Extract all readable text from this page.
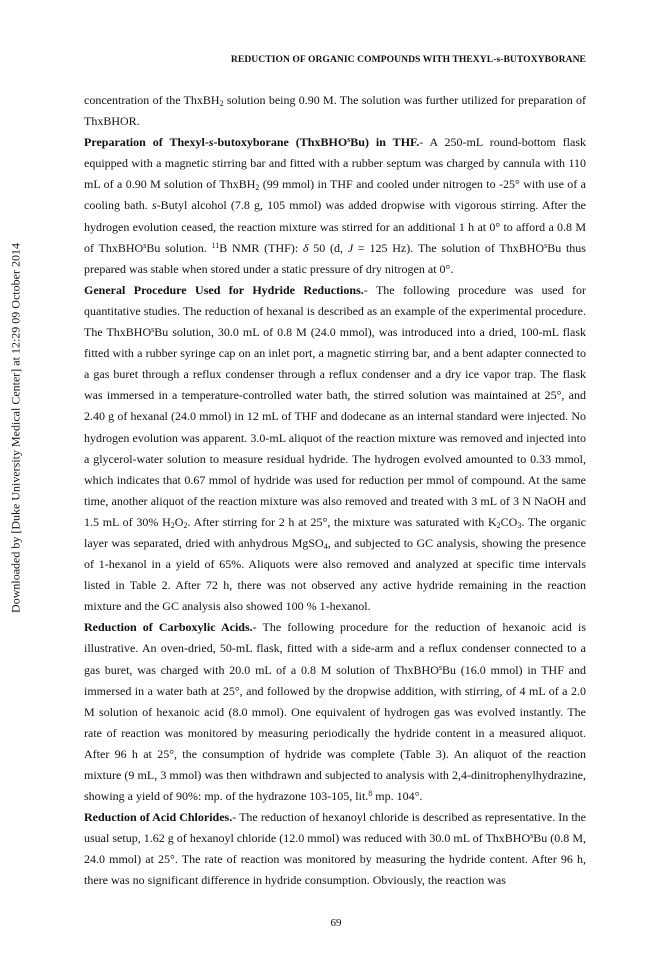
REDUCTION OF ORGANIC COMPOUNDS WITH THEXYL-s-BUTOXYBORANE
Downloaded by [Duke University Medical Center] at 12:29 09 October 2014

concentration of the ThxBH$_2$ solution being 0.90 M. The solution was further utilized for preparation of ThxBHOR.

Preparation of Thexyl-s-butoxyborane (ThxBHO$^s$Bu) in THF.- A 250-mL round-bottom flask equipped with a magnetic stirring bar and fitted with a rubber septum was charged by cannula with 110 mL of a 0.90 M solution of ThxBH$_2$ (99 mmol) in THF and cooled under nitrogen to -25° with use of a cooling bath. s-Butyl alcohol (7.8 g, 105 mmol) was added dropwise with vigorous stirring. After the hydrogen evolution ceased, the reaction mixture was stirred for an additional 1 h at 0° to afford a 0.8 M of ThxBHO$^s$Bu solution. $^{11}$B NMR (THF): δ 50 (d, J = 125 Hz). The solution of ThxBHO$^s$Bu thus prepared was stable when stored under a static pressure of dry nitrogen at 0°.

General Procedure Used for Hydride Reductions.- The following procedure was used for quantitative studies. The reduction of hexanal is described as an example of the experimental procedure. The ThxBHO$^s$Bu solution, 30.0 mL of 0.8 M (24.0 mmol), was introduced into a dried, 100-mL flask fitted with a rubber syringe cap on an inlet port, a magnetic stirring bar, and a bent adapter connected to a gas buret through a reflux condenser through a reflux condenser and a dry ice vapor trap. The flask was immersed in a temperature-controlled water bath, the stirred solution was maintained at 25°, and 2.40 g of hexanal (24.0 mmol) in 12 mL of THF and dodecane as an internal standard were injected. No hydrogen evolution was apparent. 3.0-mL aliquot of the reaction mixture was removed and injected into a glycerol-water solution to measure residual hydride. The hydrogen evolved amounted to 0.33 mmol, which indicates that 0.67 mmol of hydride was used for reduction per mmol of compound. At the same time, another aliquot of the reaction mixture was also removed and treated with 3 mL of 3 N NaOH and 1.5 mL of 30% $H_2O_2$. After stirring for 2 h at 25°, the mixture was saturated with $K_2CO_3$. The organic layer was separated, dried with anhydrous MgSO$_4$, and subjected to GC analysis, showing the presence of 1-hexanol in a yield of 65%. Aliquots were also removed and analyzed at specific time intervals listed in Table 2. After 72 h, there was not observed any active hydride remaining in the reaction mixture and the GC analysis also showed 100 % 1-hexanol.

Reduction of Carboxylic Acids.- The following procedure for the reduction of hexanoic acid is illustrative. An oven-dried, 50-mL flask, fitted with a side-arm and a reflux condenser connected to a gas buret, was charged with 20.0 mL of a 0.8 M solution of ThxBHO$^s$Bu (16.0 mmol) in THF and immersed in a water bath at 25°, and followed by the dropwise addition, with stirring, of 4 mL of a 2.0 M solution of hexanoic acid (8.0 mmol). One equivalent of hydrogen gas was evolved instantly. The rate of reaction was monitored by measuring periodically the hydride content in a measured aliquot. After 96 h at 25°, the consumption of hydride was complete (Table 3). An aliquot of the reaction mixture (9 mL, 3 mmol) was then withdrawn and subjected to analysis with 2,4-dinitrophenylhydrazine, showing a yield of 90%: mp. of the hydrazone 103-105, lit.$^8$ mp. 104°.

Reduction of Acid Chlorides.- The reduction of hexanoyl chloride is described as representative. In the usual setup, 1.62 g of hexanoyl chloride (12.0 mmol) was reduced with 30.0 mL of ThxBHO$^s$Bu (0.8 M, 24.0 mmol) at 25°. The rate of reaction was monitored by measuring the hydride content. After 96 h, there was no significant difference in hydride consumption. Obviously, the reaction was

69
